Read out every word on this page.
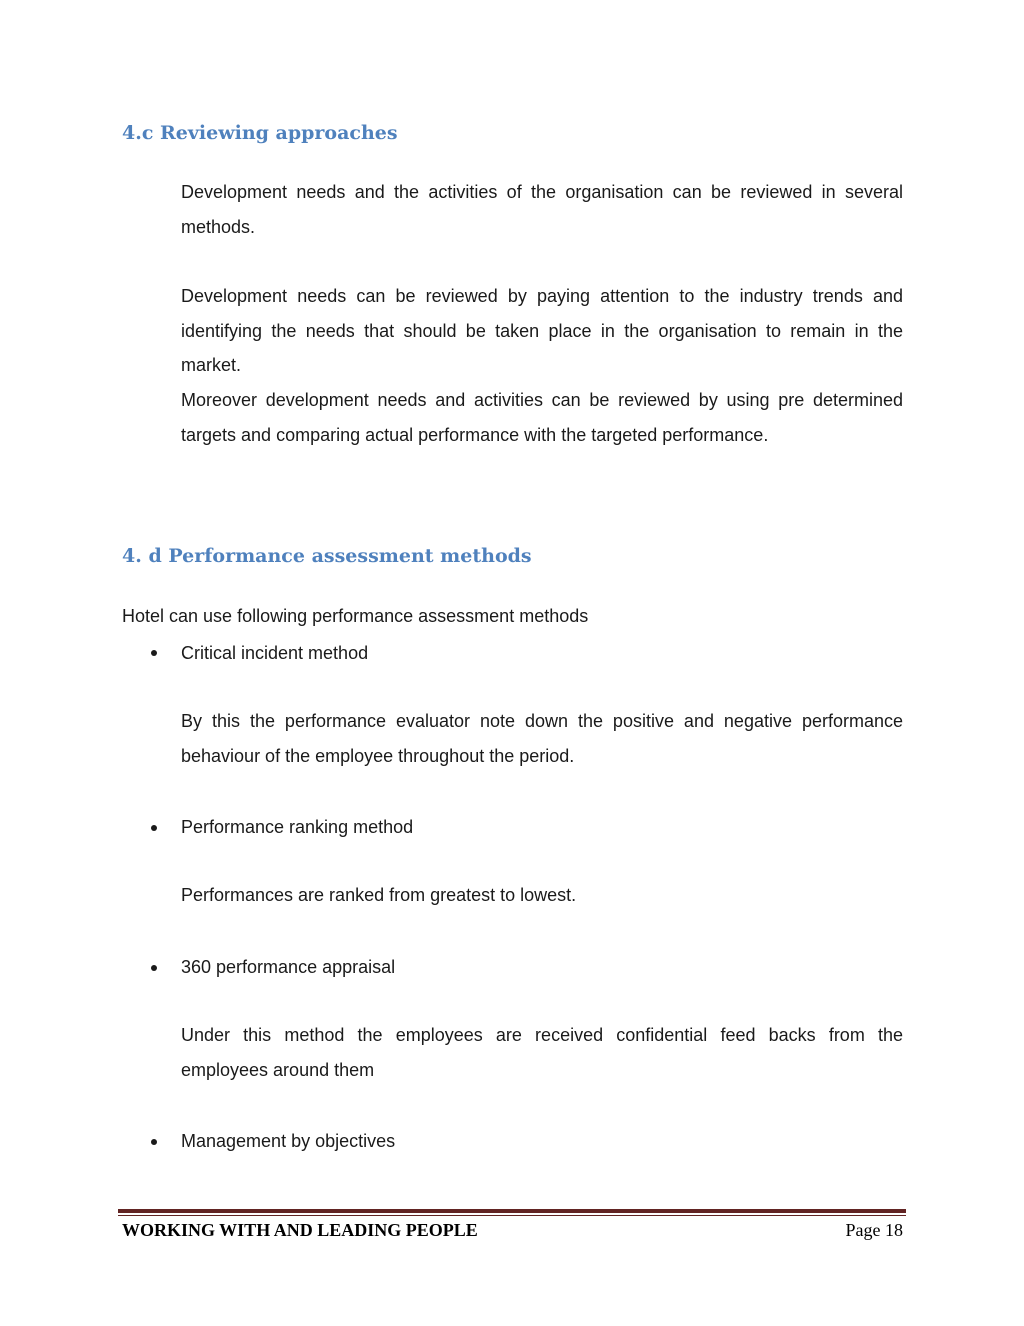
4.c Reviewing approaches

Development needs and the activities of the organisation can be reviewed in several methods.

Development needs can be reviewed by paying attention to the industry trends and identifying the needs that should be taken place in the organisation to remain in the market.

Moreover development needs and activities can be reviewed by using pre determined targets and comparing actual performance with the targeted performance.

4. d Performance assessment methods

Hotel can use following performance assessment methods

Critical incident method

By this the performance evaluator note down the positive and negative performance behaviour of the employee throughout the period.

Performance ranking method

Performances are ranked from greatest to lowest.

360 performance appraisal

Under this method the employees are received confidential feed backs from the employees around them

Management by objectives
WORKING WITH AND LEADING PEOPLE	Page 18
